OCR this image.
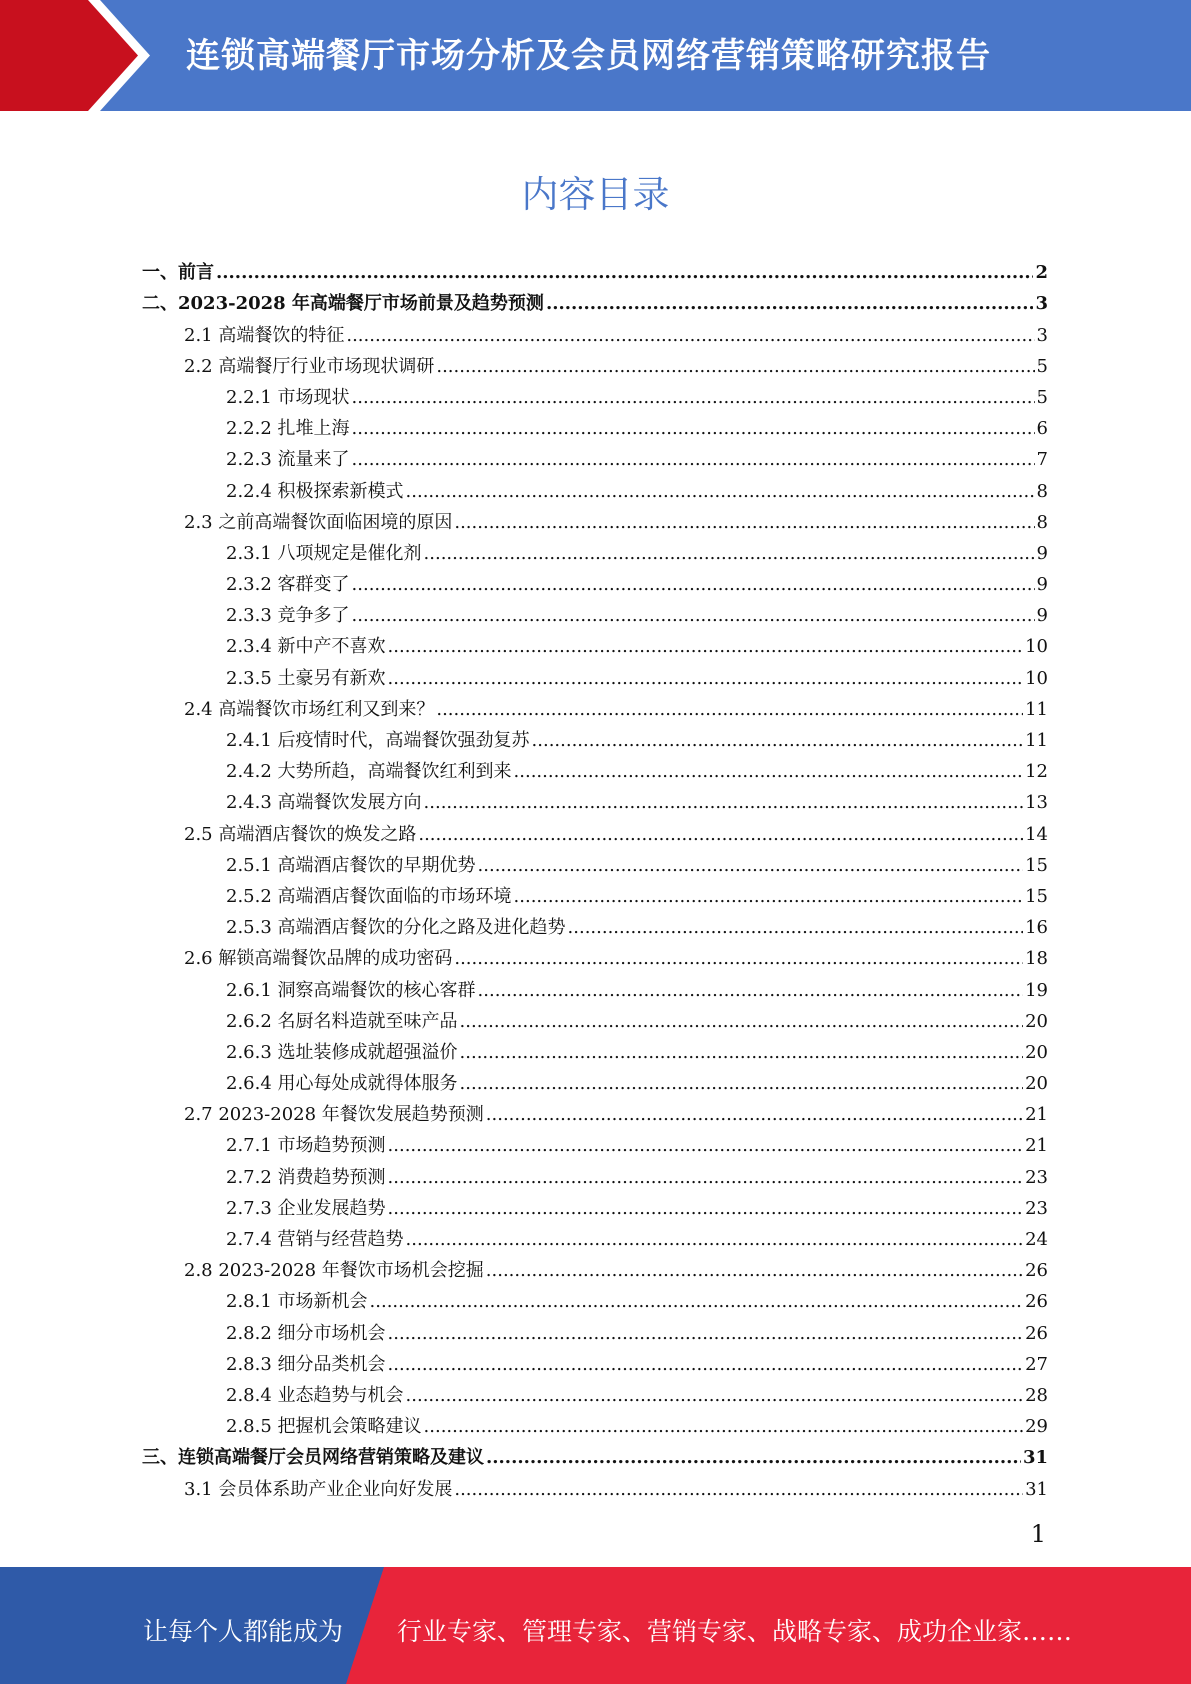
连锁高端餐厅市场分析及会员网络营销策略研究报告
内容目录
一、前言 .....	2
二、2023-2028 年高端餐厅市场前景及趋势预测 .....	3
2.1 高端餐饮的特征 .....	3
2.2 高端餐厅行业市场现状调研 .....	5
2.2.1 市场现状 .....	5
2.2.2 扎堆上海 .....	6
2.2.3 流量来了 .....	7
2.2.4 积极探索新模式 .....	8
2.3 之前高端餐饮面临困境的原因 .....	8
2.3.1 八项规定是催化剂 .....	9
2.3.2 客群变了 .....	9
2.3.3 竞争多了 .....	9
2.3.4 新中产不喜欢 .....	10
2.3.5 土豪另有新欢 .....	10
2.4 高端餐饮市场红利又到来？ .....	11
2.4.1 后疫情时代，高端餐饮强劲复苏 .....	11
2.4.2 大势所趋，高端餐饮红利到来 .....	12
2.4.3 高端餐饮发展方向 .....	13
2.5 高端酒店餐饮的焕发之路 .....	14
2.5.1 高端酒店餐饮的早期优势 .....	15
2.5.2 高端酒店餐饮面临的市场环境 .....	15
2.5.3 高端酒店餐饮的分化之路及进化趋势 .....	16
2.6 解锁高端餐饮品牌的成功密码 .....	18
2.6.1 洞察高端餐饮的核心客群 .....	19
2.6.2 名厨名料造就至味产品 .....	20
2.6.3 选址装修成就超强溢价 .....	20
2.6.4 用心每处成就得体服务 .....	20
2.7 2023-2028 年餐饮发展趋势预测 .....	21
2.7.1 市场趋势预测 .....	21
2.7.2 消费趋势预测 .....	23
2.7.3 企业发展趋势 .....	23
2.7.4 营销与经营趋势 .....	24
2.8 2023-2028 年餐饮市场机会挖掘 .....	26
2.8.1 市场新机会 .....	26
2.8.2 细分市场机会 .....	26
2.8.3 细分品类机会 .....	27
2.8.4 业态趋势与机会 .....	28
2.8.5 把握机会策略建议 .....	29
三、连锁高端餐厅会员网络营销策略及建议 .....	31
3.1 会员体系助产业企业向好发展 .....	31
1
让每个人都能成为 行业专家、管理专家、营销专家、战略专家、成功企业家……
